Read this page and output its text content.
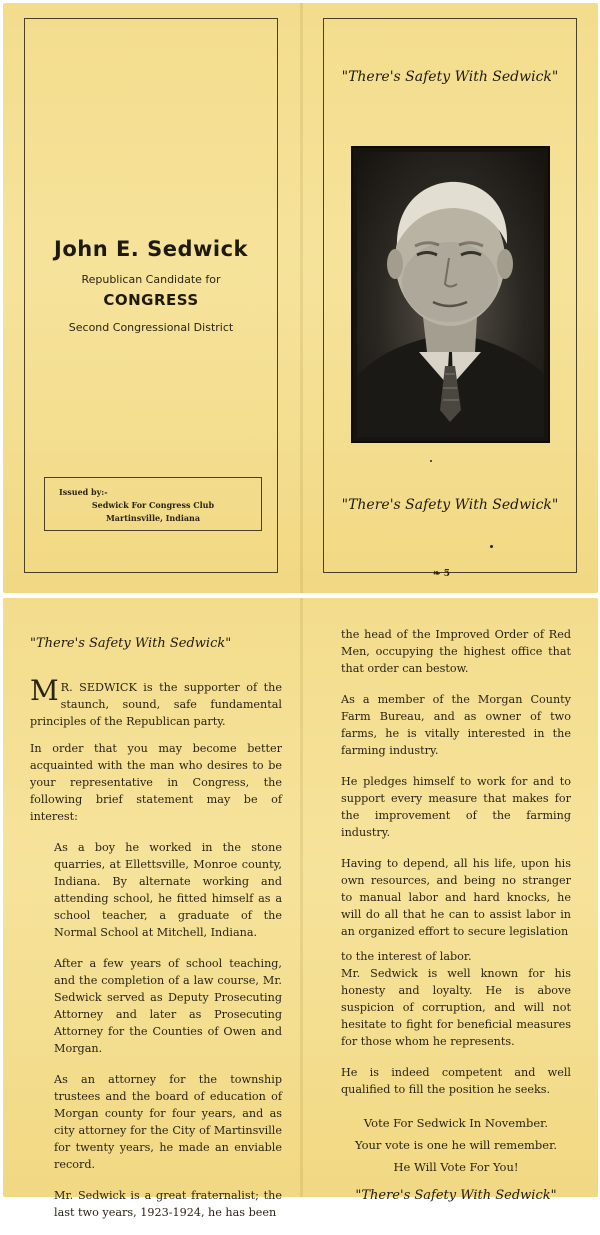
John E. Sedwick
Republican Candidate for
CONGRESS
Second Congressional District
Issued by:-
Sedwick For Congress Club
Martinsville, Indiana
"There's Safety With Sedwick"
"There's Safety With Sedwick"
❧ 5
"There's Safety With Sedwick"

M R. SEDWICK is the supporter of the staunch, sound, safe fundamental principles of the Republican party.

In order that you may become better acquainted with the man who desires to be your representative in Congress, the following brief statement may be of interest:

As a boy he worked in the stone quarries, at Ellettsville, Monroe county, Indiana. By alternate working and attending school, he fitted himself as a school teacher, a graduate of the Normal School at Mitchell, Indiana.

After a few years of school teaching, and the completion of a law course, Mr. Sedwick served as Deputy Prosecuting Attorney and later as Prosecuting Attorney for the Counties of Owen and Morgan.

As an attorney for the township trustees and the board of education of Morgan county for four years, and as city attorney for the City of Martinsville for twenty years, he made an enviable record.

Mr. Sedwick is a great fraternalist; the last two years, 1923-1924, he has been

the head of the Improved Order of Red Men, occupying the highest office that that order can bestow.

As a member of the Morgan County Farm Bureau, and as owner of two farms, he is vitally interested in the farming industry.

He pledges himself to work for and to support every measure that makes for the improvement of the farming industry.

Having to depend, all his life, upon his own resources, and being no stranger to manual labor and hard knocks, he will do all that he can to assist labor in an organized effort to secure legislation

to the interest of labor.

Mr. Sedwick is well known for his honesty and loyalty. He is above suspicion of corruption, and will not hesitate to fight for beneficial measures for those whom he represents.

He is indeed competent and well qualified to fill the position he seeks.

Vote For Sedwick In November.
Your vote is one he will remember.
He Will Vote For You!
"There's Safety With Sedwick"
